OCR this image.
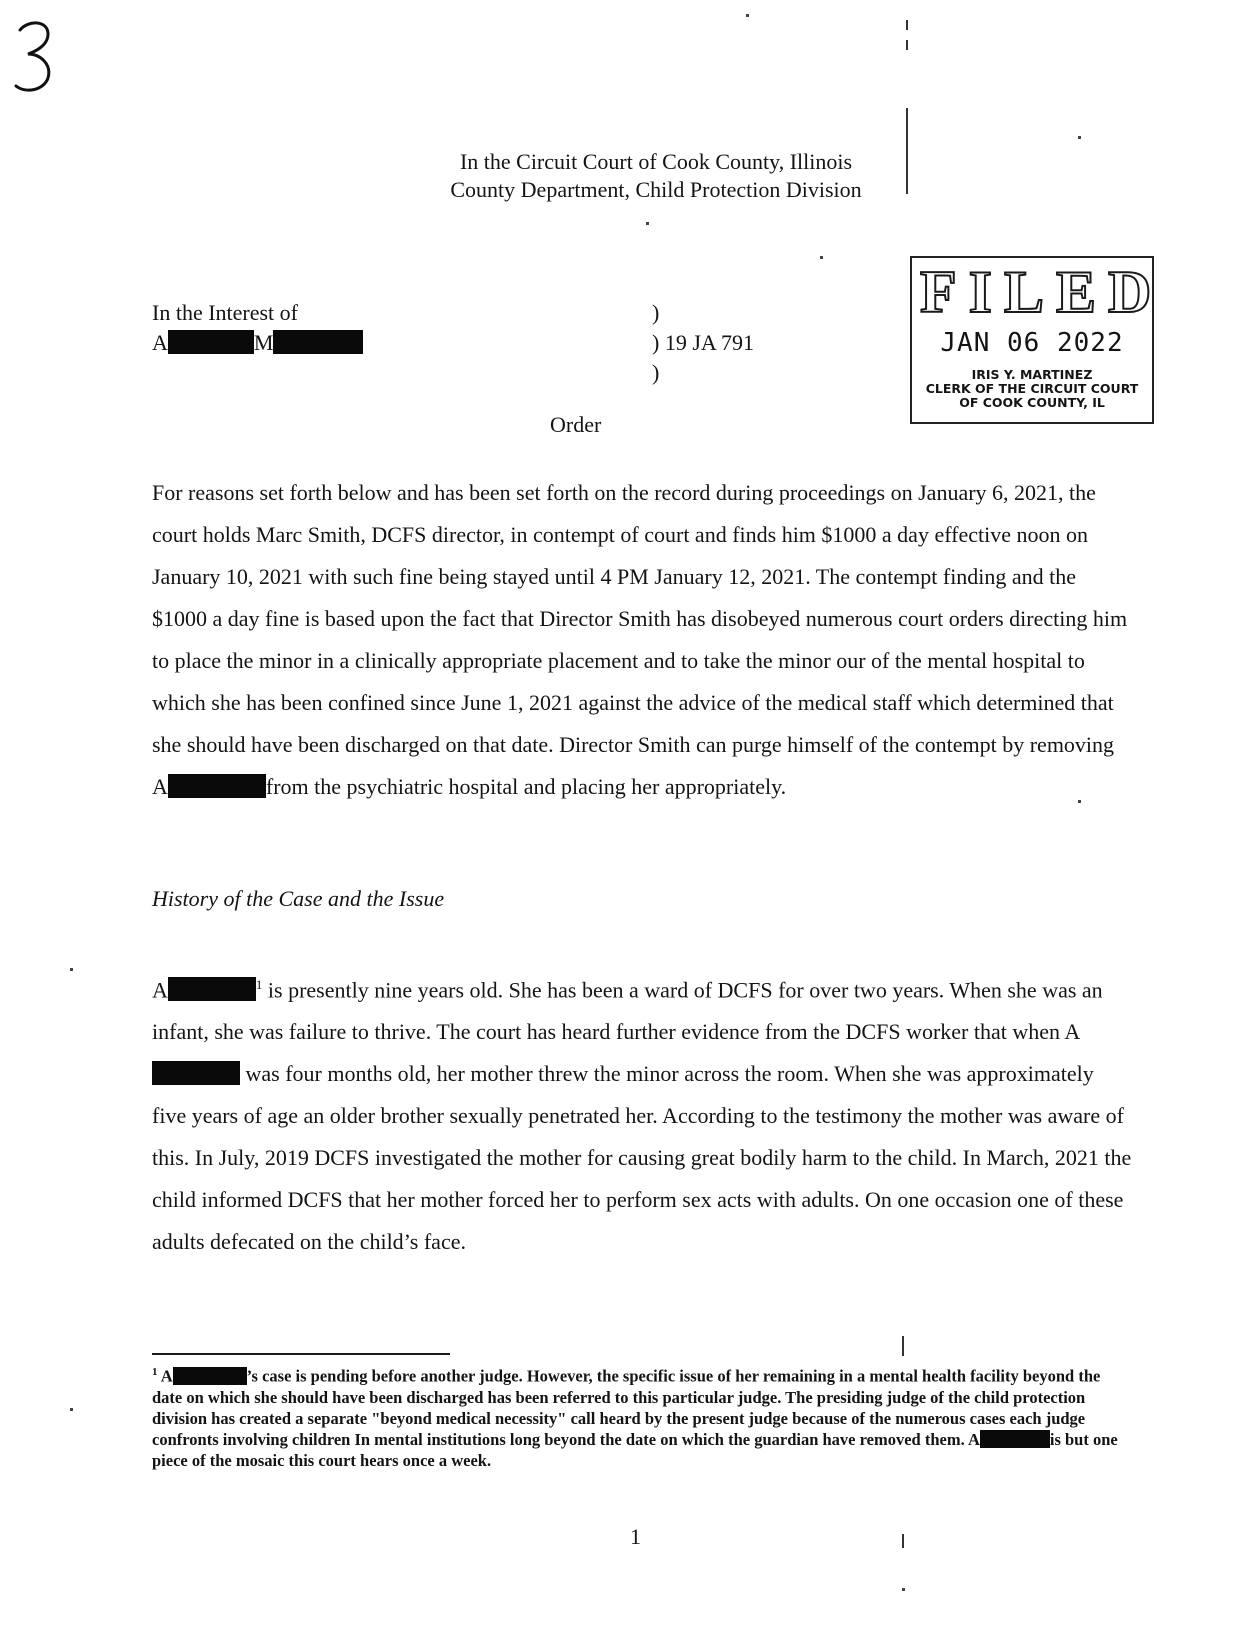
In the Circuit Court of Cook County, Illinois
County Department, Child Protection Division
In the Interest of
A	M
)
) 19 JA 791
)
FILED
JAN 06 2022
IRIS Y. MARTINEZ
CLERK OF THE CIRCUIT COURT
OF COOK COUNTY, IL
Order
For reasons set forth below and has been set forth on the record during proceedings on January 6, 2021, the court holds Marc Smith, DCFS director, in contempt of court and finds him $1000 a day effective noon on January 10, 2021 with such fine being stayed until 4 PM January 12, 2021. The contempt finding and the $1000 a day fine is based upon the fact that Director Smith has disobeyed numerous court orders directing him to place the minor in a clinically appropriate placement and to take the minor our of the mental hospital to which she has been confined since June 1, 2021 against the advice of the medical staff which determined that she should have been discharged on that date. Director Smith can purge himself of the contempt by removing
A	from the psychiatric hospital and placing her appropriately.
History of the Case and the Issue
A	$^1$ is presently nine years old. She has been a ward of DCFS for over two years. When she was an infant, she was failure to thrive. The court has heard further evidence from the DCFS worker that when A was four months old, her mother threw the minor across the room. When she was approximately five years of age an older brother sexually penetrated her. According to the testimony the mother was aware of this. In July, 2019 DCFS investigated the mother for causing great bodily harm to the child. In March, 2021 the child informed DCFS that her mother forced her to perform sex acts with adults. On one occasion one of these adults defecated on the child’s face.
$^1$ A	’s case is pending before another judge. However, the specific issue of her remaining in a mental health facility beyond the date on which she should have been discharged has been referred to this particular judge. The presiding judge of the child protection division has created a separate "beyond medical necessity" call heard by the present judge because of the numerous cases each judge confronts involving children In mental institutions long beyond the date on which the guardian have removed them. A	is but one piece of the mosaic this court hears once a week.
1
